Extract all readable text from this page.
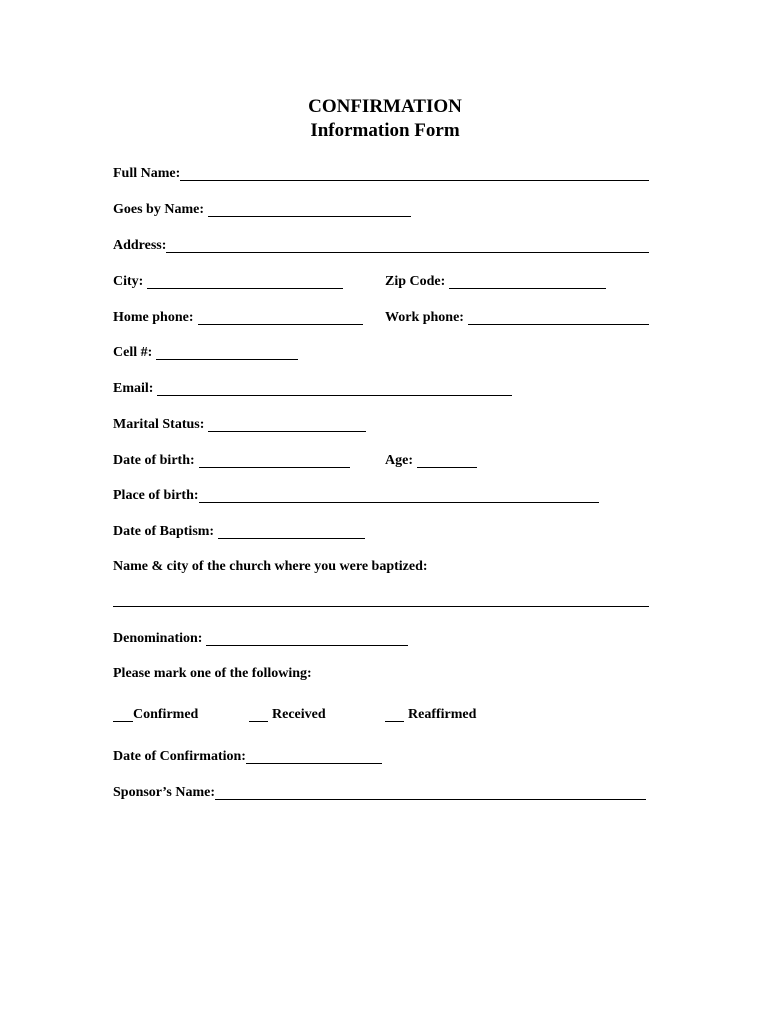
CONFIRMATION
Information Form
Full Name:
Goes by Name:
Address:
City:	Zip Code:
Home phone:	Work phone:
Cell #:
Email:
Marital Status:
Date of birth:	Age:
Place of birth:
Date of Baptism:
Name & city of the church where you were baptized:
Denomination:
Please mark one of the following:
Confirmed	Received	Reaffirmed
Date of Confirmation:
Sponsor’s Name:
